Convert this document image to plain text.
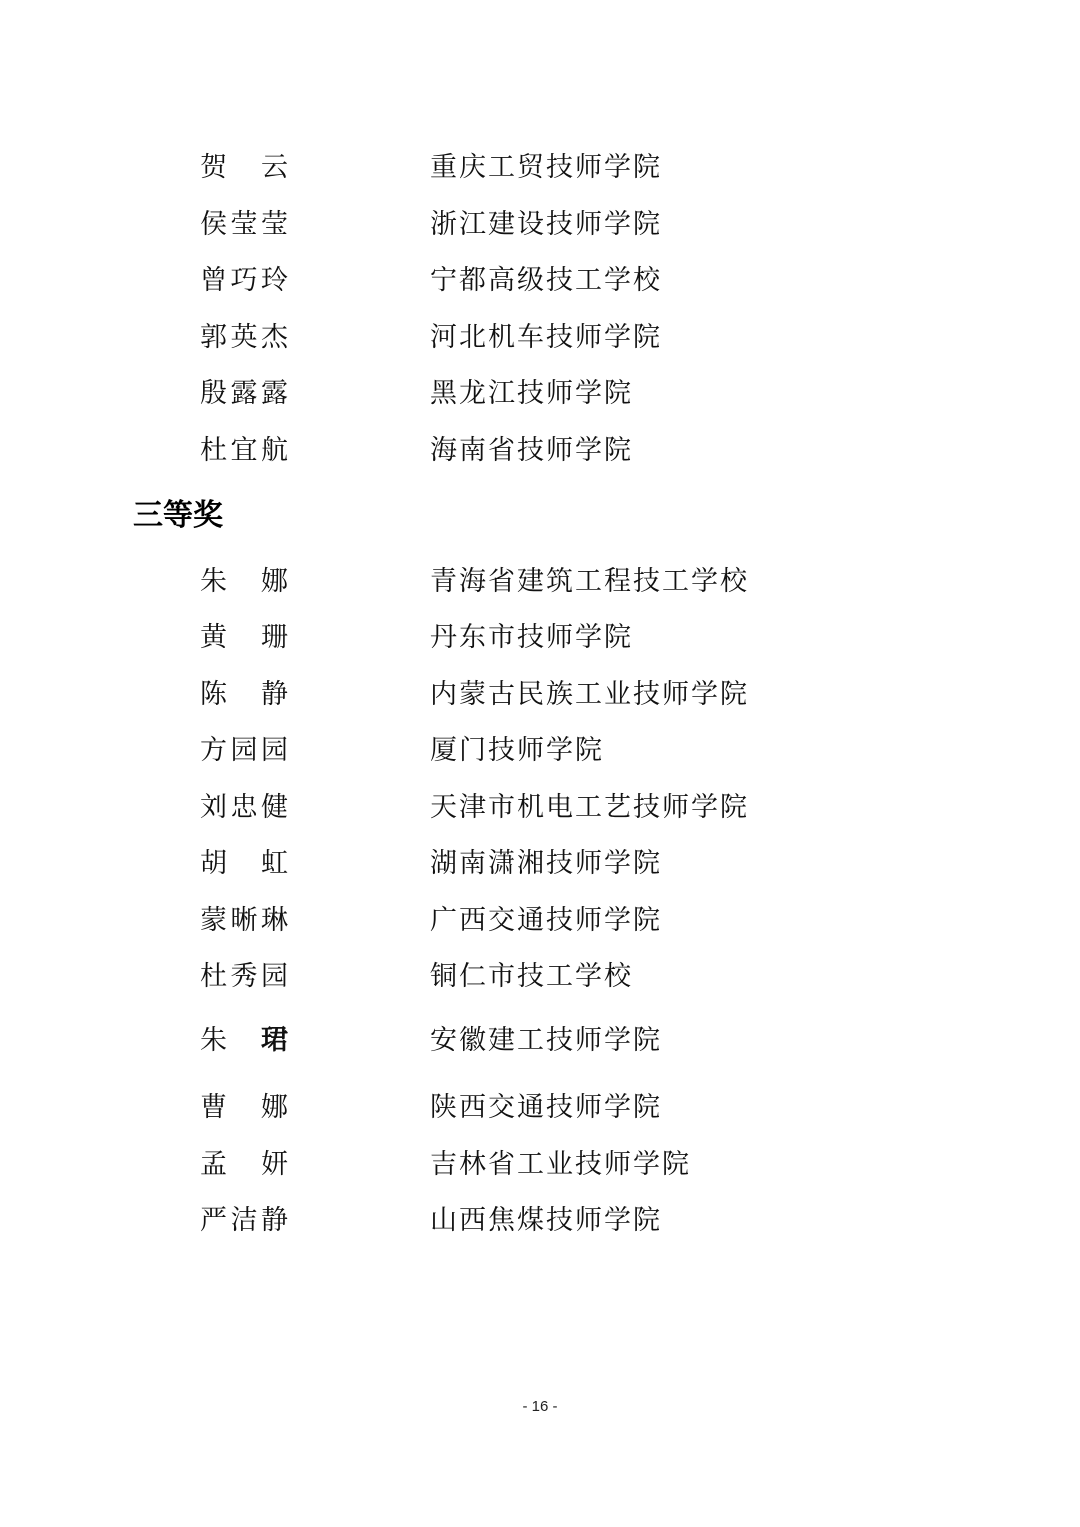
贺 云	重庆工贸技师学院
侯 莹 莹	浙江建设技师学院
曾 巧 玲	宁都高级技工学校
郭 英 杰	河北机车技师学院
殷 露 露	黑龙江技师学院
杜 宜 航	海南省技师学院
三等奖
朱 娜	青海省建筑工程技工学校
黄 珊	丹东市技师学院
陈 静	内蒙古民族工业技师学院
方 园 园	厦门技师学院
刘 忠 健	天津市机电工艺技师学院
胡 虹	湖南潇湘技师学院
蒙 晰 琳	广西交通技师学院
杜 秀 园	铜仁市技工学校
朱 珺	安徽建工技师学院
曹 娜	陕西交通技师学院
孟 妍	吉林省工业技师学院
严 洁 静	山西焦煤技师学院
- 16 -
